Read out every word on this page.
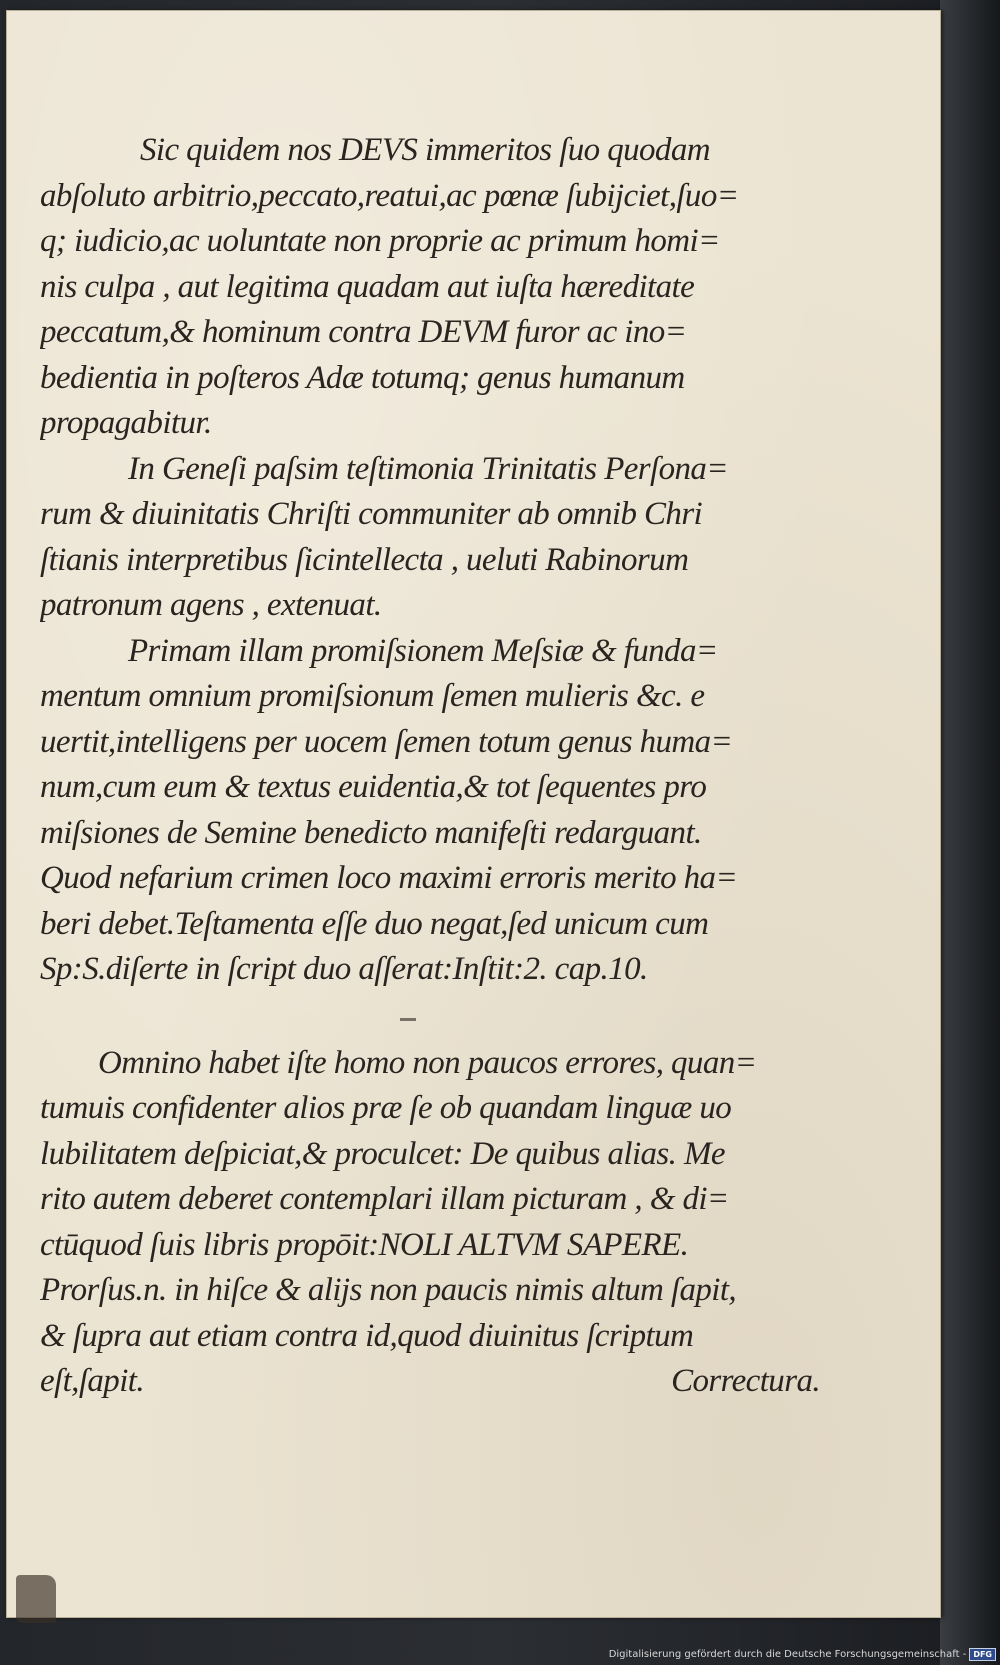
Sic quidem nos DEVS immeritos ſuo quodam
abſoluto arbitrio,peccato,reatui,ac pœnæ ſubijciet,ſuo=
q; iudicio,ac uoluntate non proprie ac primum homi=
nis culpa , aut legitima quadam aut iuſta hæreditate
peccatum,& hominum contra DEVM furor ac ino=
bedientia in poſteros Adæ totumq; genus humanum
propagabitur.
In Geneſi paſsim teſtimonia Trinitatis Perſona=
rum & diuinitatis Chriſti communiter ab omnib Chri
ſtianis interpretibus ſicintellecta , ueluti Rabinorum
patronum agens , extenuat.
Primam illam promiſsionem Meſsiæ & funda=
mentum omnium promiſsionum ſemen mulieris &c. e
uertit,intelligens per uocem ſemen totum genus huma=
num,cum eum & textus euidentia,& tot ſequentes pro
miſsiones de Semine benedicto manifeſti redarguant.
Quod nefarium crimen loco maximi erroris merito ha=
beri debet.Teſtamenta eſſe duo negat,ſed unicum cum
Sp:S.diſerte in ſcript duo aſſerat:Inſtit:2. cap.10.
Omnino habet iſte homo non paucos errores, quan=
tumuis confidenter alios præ ſe ob quandam linguæ uo
lubilitatem deſpiciat,& proculcet: De quibus alias. Me
rito autem deberet contemplari illam picturam , & di=
ctūquod ſuis libris propōit:NOLI ALTVM SAPERE.
Prorſus.n. in hiſce & alijs non paucis nimis altum ſapit,
& ſupra aut etiam contra id,quod diuinitus ſcriptum
eſt,ſapit.	Correctura.
Digitalisierung gefördert durch die Deutsche Forschungsgemeinschaft - DFG
